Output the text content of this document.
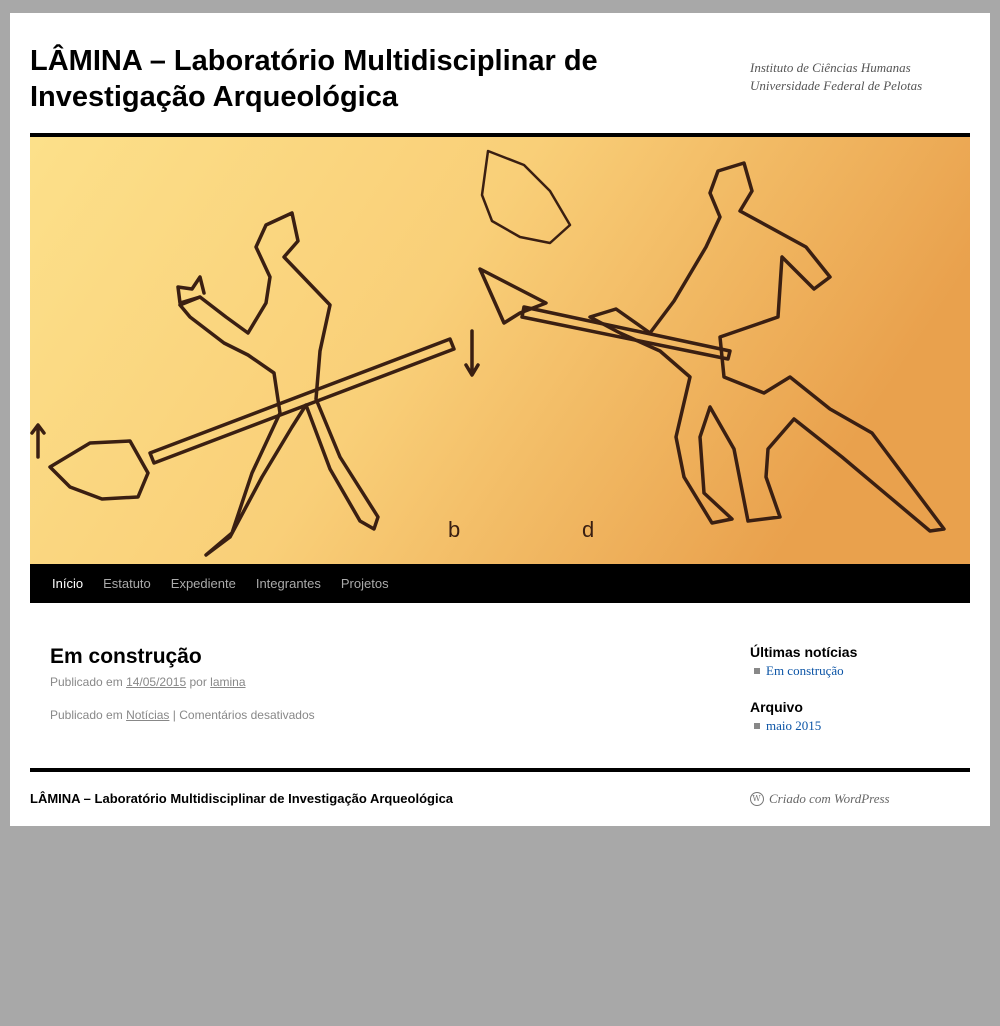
LÂMINA – Laboratório Multidisciplinar de Investigação Arqueológica
Instituto de Ciências Humanas
Universidade Federal de Pelotas
b	d
Início	Estatuto	Expediente	Integrantes	Projetos
Em construção
Publicado em 14/05/2015 por lamina
Publicado em Notícias | Comentários desativados
Últimas notícias
Em construção
Arquivo
maio 2015
LÂMINA – Laboratório Multidisciplinar de Investigação Arqueológica
W	Criado com WordPress
